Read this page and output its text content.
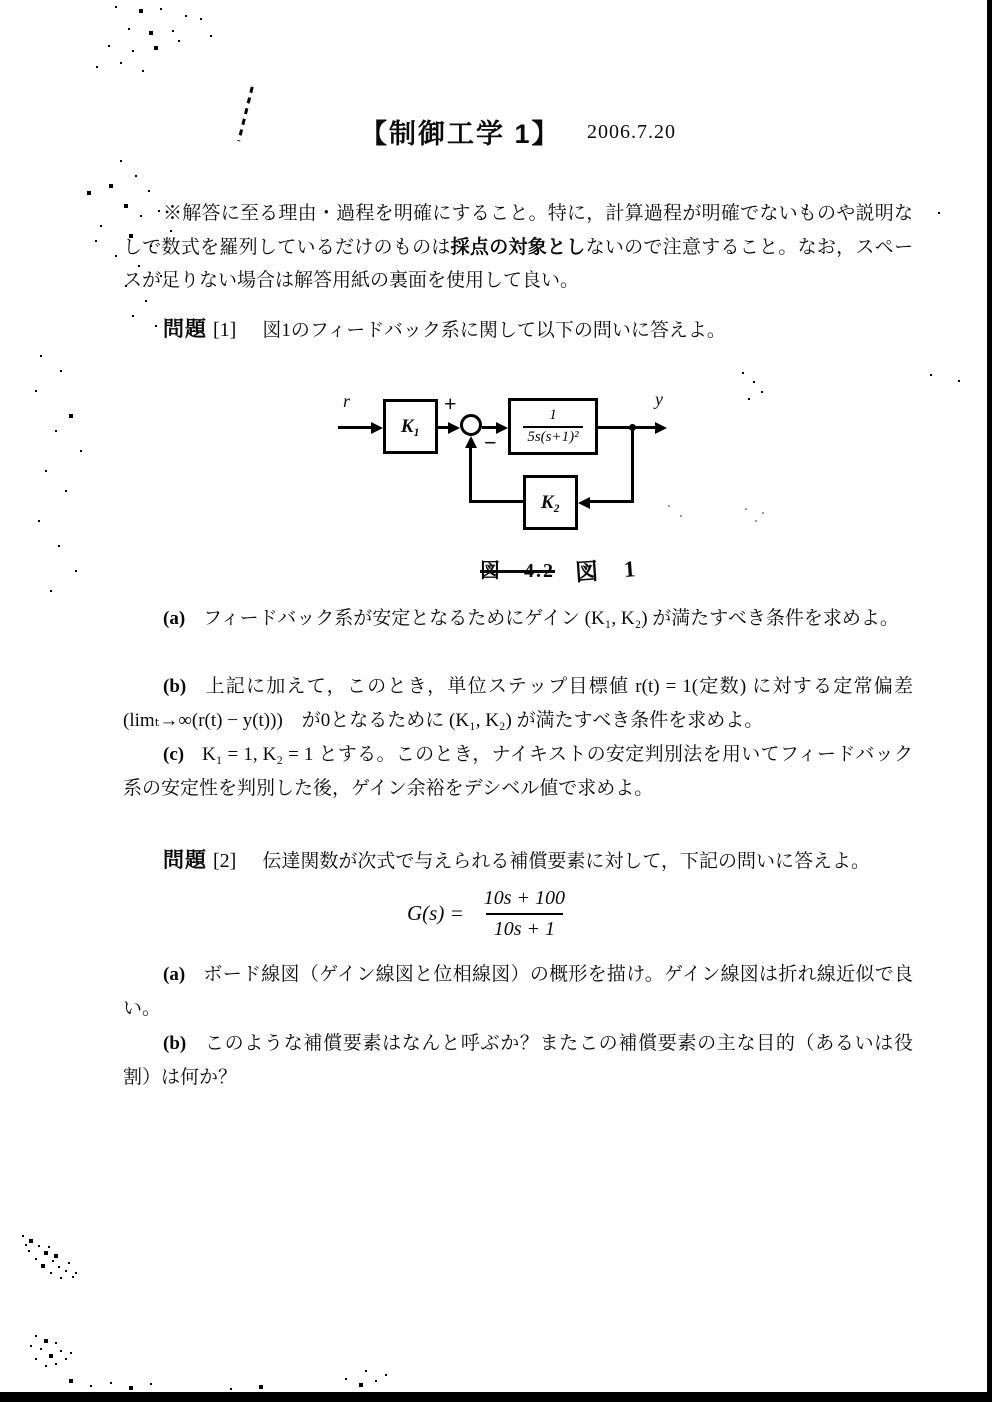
【制御工学 1】 2006.7.20

※解答に至る理由・過程を明確にすること。特に，計算過程が明確でないものや説明なしで数式を羅列しているだけのものは採点の対象としないので注意すること。なお，スペースが足りない場合は解答用紙の裏面を使用して良い。

問題 [1] 図1のフィードバック系に関して以下の問いに答えよ。

r
K₁
+
− $\frac{1}{\text{5s(s+1)²}}$
y
K₂
図—4.2 図 1

(a) フィードバック系が安定となるためにゲイン (K₁, K₂) が満たすべき条件を求めよ。

(b) 上記に加えて，このとき，単位ステップ目標値 r(t) = 1(定数) に対する定常偏差　(limₜ→∞(r(t) − y(t)))　が0となるために (K₁, K₂) が満たすべき条件を求めよ。

(c) K₁ = 1, K₂ = 1 とする。このとき，ナイキストの安定判別法を用いてフィードバック系の安定性を判別した後，ゲイン余裕をデシベル値で求めよ。

問題 [2] 伝達関数が次式で与えられる補償要素に対して，下記の問いに答えよ。

$G(s) = \frac{10s + 100}{10s + 1}$

(a) ボード線図（ゲイン線図と位相線図）の概形を描け。ゲイン線図は折れ線近似で良い。

(b) このような補償要素はなんと呼ぶか？またこの補償要素の主な目的（あるいは役割）は何か？
